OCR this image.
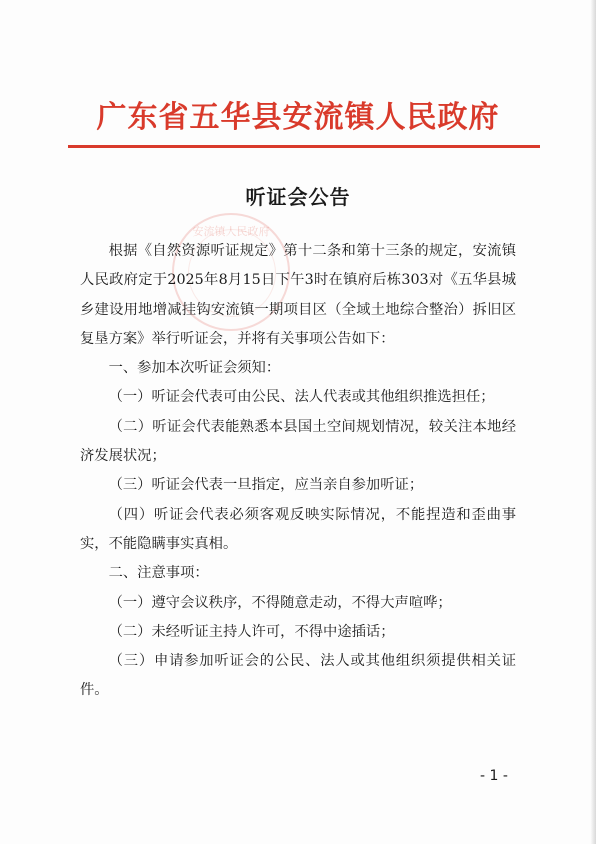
广东省五华县安流镇人民政府
听证会公告
安流镇人民政府

根据《自然资源听证规定》第十二条和第十三条的规定，安流镇人民政府定于2025年8月15日下午3时在镇府后栋303对《五华县城乡建设用地增减挂钩安流镇一期项目区（全域土地综合整治）拆旧区复垦方案》举行听证会，并将有关事项公告如下：

一、参加本次听证会须知：

（一）听证会代表可由公民、法人代表或其他组织推选担任；

（二）听证会代表能熟悉本县国土空间规划情况，较关注本地经济发展状况；

（三）听证会代表一旦指定，应当亲自参加听证；

（四）听证会代表必须客观反映实际情况，不能捏造和歪曲事实，不能隐瞒事实真相。

二、注意事项：

（一）遵守会议秩序，不得随意走动，不得大声喧哗；

（二）未经听证主持人许可，不得中途插话；

（三）申请参加听证会的公民、法人或其他组织须提供相关证件。

- 1 -
